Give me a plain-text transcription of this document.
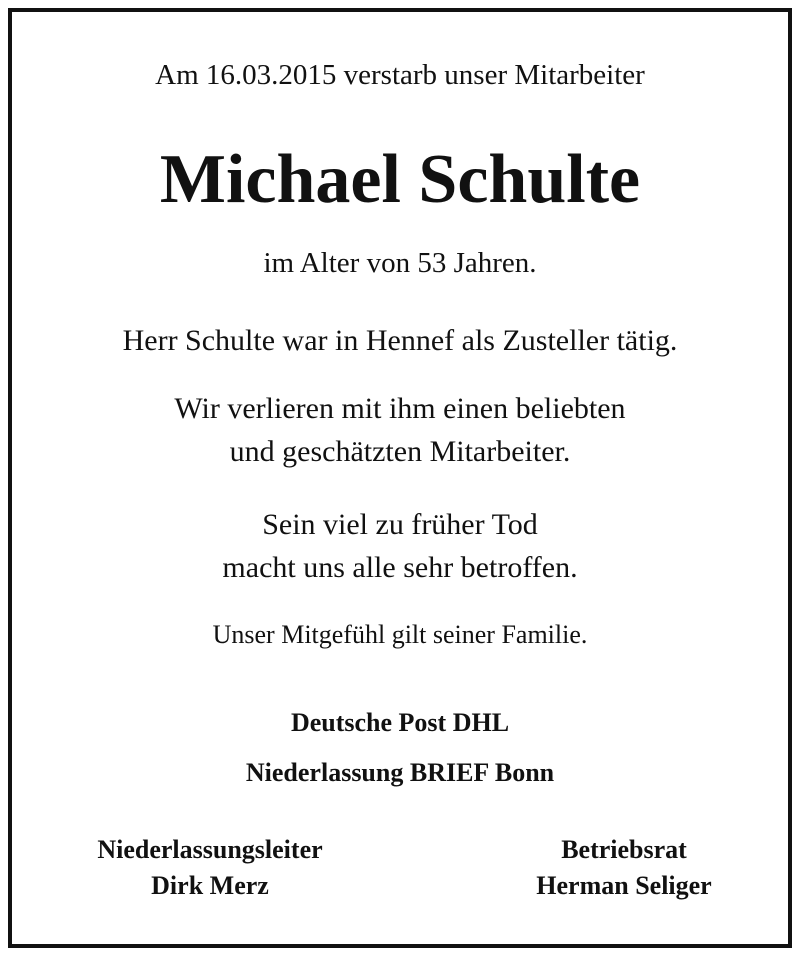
Am 16.03.2015 verstarb unser Mitarbeiter
Michael Schulte
im Alter von 53 Jahren.
Herr Schulte war in Hennef als Zusteller tätig.
Wir verlieren mit ihm einen beliebten
und geschätzten Mitarbeiter.
Sein viel zu früher Tod
macht uns alle sehr betroffen.
Unser Mitgefühl gilt seiner Familie.
Deutsche Post DHL
Niederlassung BRIEF Bonn
Niederlassungsleiter
Dirk Merz
Betriebsrat
Herman Seliger
